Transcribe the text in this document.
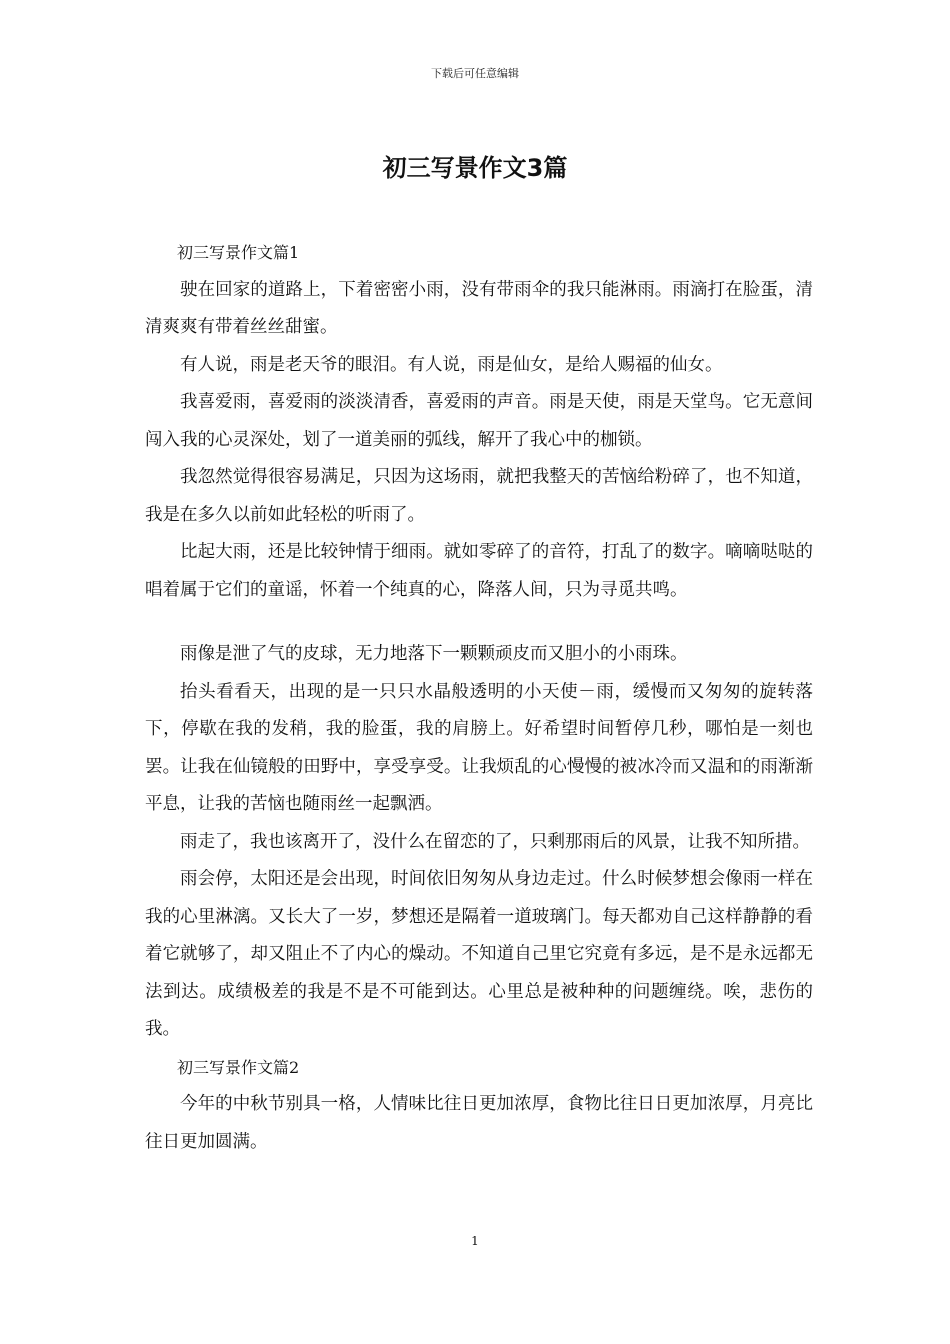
下载后可任意编辑
初三写景作文3篇

初三写景作文篇1

驶在回家的道路上，下着密密小雨，没有带雨伞的我只能淋雨。雨滴打在脸蛋，清清爽爽有带着丝丝甜蜜。

有人说，雨是老天爷的眼泪。有人说，雨是仙女，是给人赐福的仙女。

我喜爱雨，喜爱雨的淡淡清香，喜爱雨的声音。雨是天使，雨是天堂鸟。它无意间闯入我的心灵深处，划了一道美丽的弧线，解开了我心中的枷锁。

我忽然觉得很容易满足，只因为这场雨，就把我整天的苦恼给粉碎了，也不知道，我是在多久以前如此轻松的听雨了。

比起大雨，还是比较钟情于细雨。就如零碎了的音符，打乱了的数字。嘀嘀哒哒的唱着属于它们的童谣，怀着一个纯真的心，降落人间，只为寻觅共鸣。

雨像是泄了气的皮球，无力地落下一颗颗顽皮而又胆小的小雨珠。

抬头看看天，出现的是一只只水晶般透明的小天使－雨，缓慢而又匆匆的旋转落下，停歇在我的发稍，我的脸蛋，我的肩膀上。好希望时间暂停几秒，哪怕是一刻也罢。让我在仙镜般的田野中，享受享受。让我烦乱的心慢慢的被冰冷而又温和的雨渐渐平息，让我的苦恼也随雨丝一起飘洒。

雨走了，我也该离开了，没什么在留恋的了，只剩那雨后的风景，让我不知所措。

雨会停，太阳还是会出现，时间依旧匆匆从身边走过。什么时候梦想会像雨一样在我的心里淋漓。又长大了一岁，梦想还是隔着一道玻璃门。每天都劝自己这样静静的看着它就够了，却又阻止不了内心的燥动。不知道自己里它究竟有多远，是不是永远都无法到达。成绩极差的我是不是不可能到达。心里总是被种种的问题缠绕。唉，悲伤的我。

初三写景作文篇2

今年的中秋节别具一格，人情味比往日更加浓厚，食物比往日日更加浓厚，月亮比往日更加圆满。

1
